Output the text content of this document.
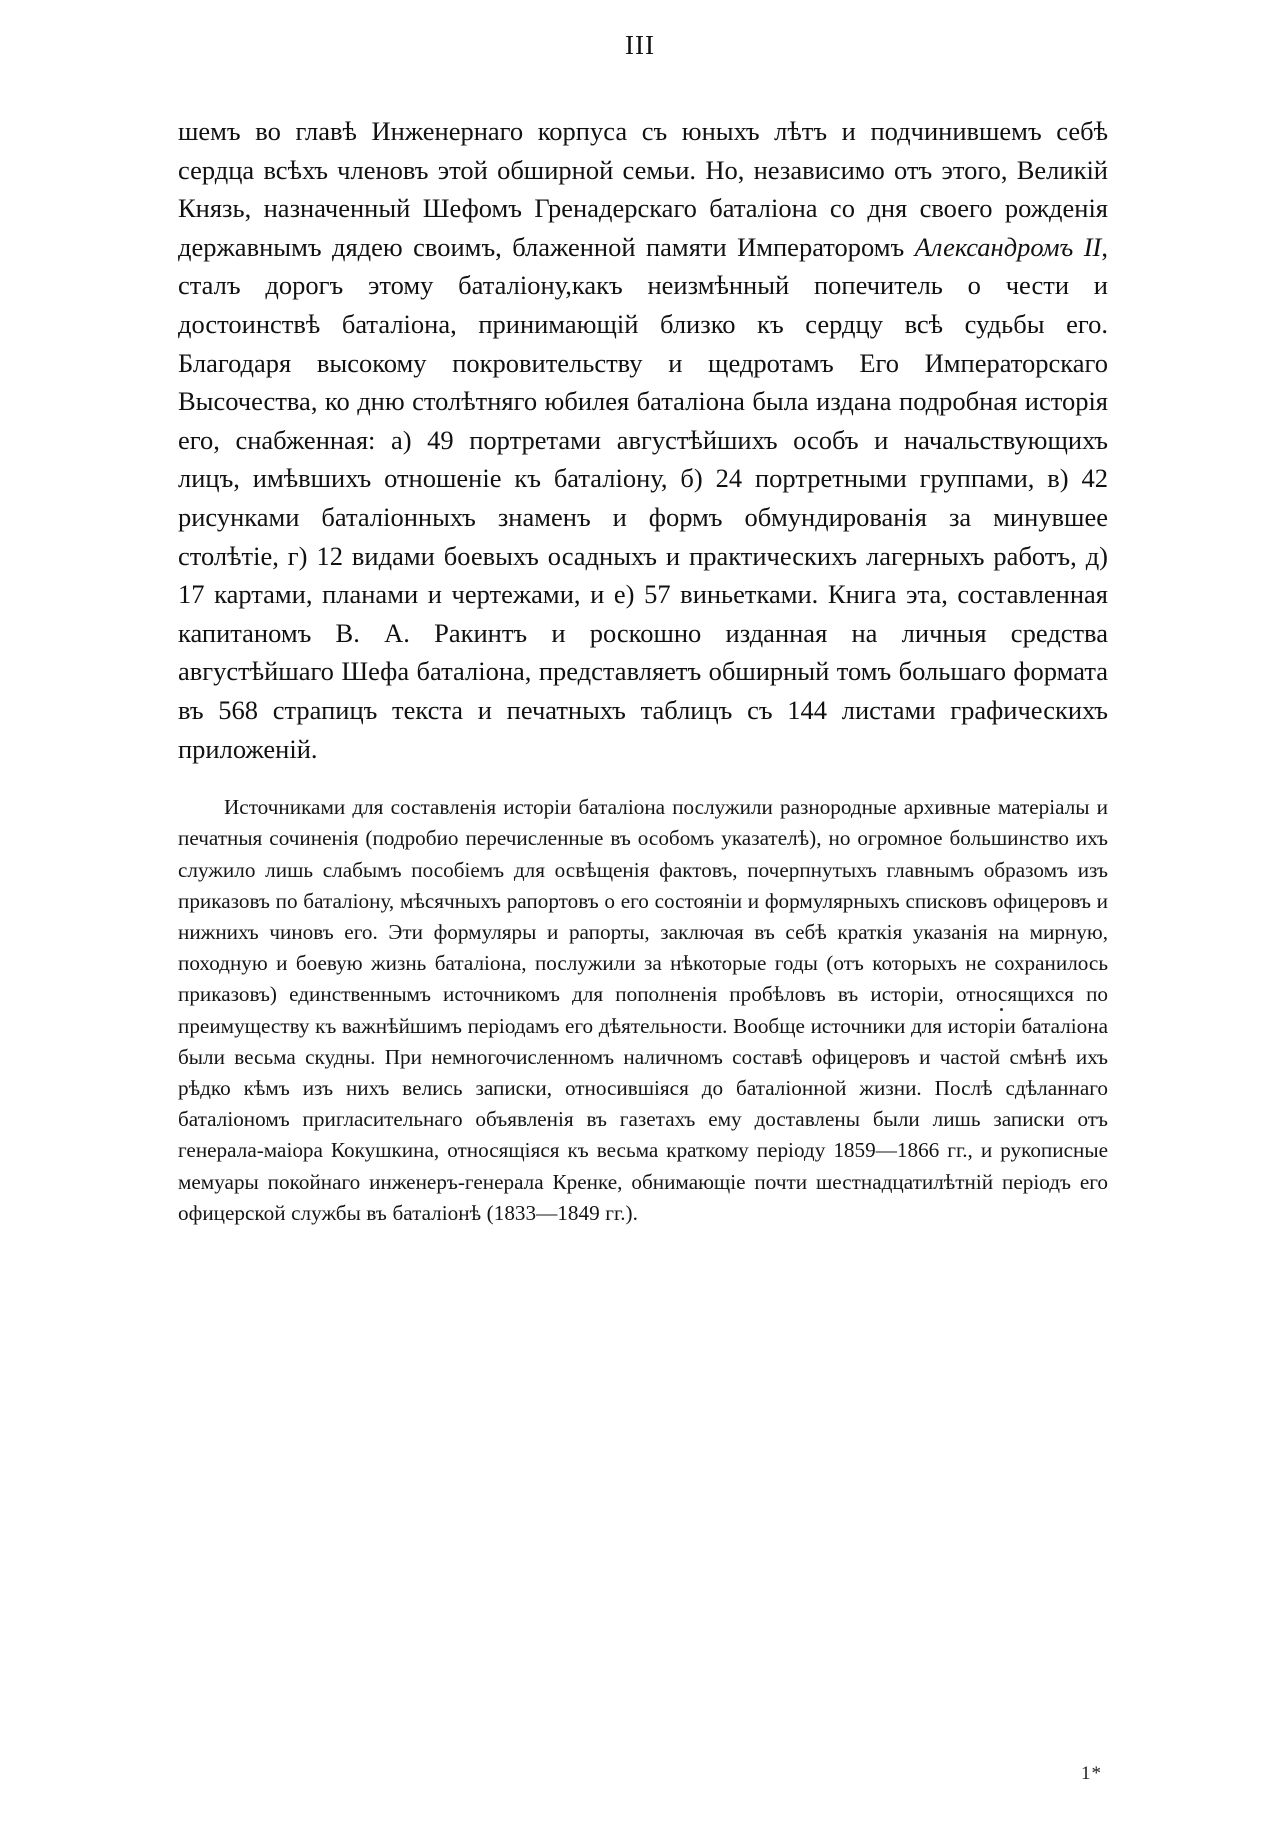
III

шемъ во главѣ Инженернаго корпуса съ юныхъ лѣтъ и подчинившемъ себѣ сердца всѣхъ членовъ этой обширной семьи. Но, независимо отъ этого, Великiй Князь, назначенный Шефомъ Гренадерскаго баталiона со дня своего рожденiя державнымъ дядею своимъ, блаженной памяти Императоромъ Александромъ II, сталъ дорогъ этому баталiону,какъ неизмѣнный попечитель о чести и достоинствѣ баталiона, принимающiй близко къ сердцу всѣ судьбы его. Благодаря высокому покровительству и щедротамъ Его Императорскаго Высочества, ко дню столѣтняго юбилея баталiона была издана подробная исторiя его, снабженная: а) 49 портретами августѣйшихъ особъ и начальствующихъ лицъ, имѣвшихъ отношенiе къ баталiону, б) 24 портретными группами, в) 42 рисунками баталiонныхъ знаменъ и формъ обмундированiя за минувшее столѣтiе, г) 12 видами боевыхъ осадныхъ и практическихъ лагерныхъ работъ, д) 17 картами, планами и чертежами, и е) 57 виньетками. Книга эта, составленная капитаномъ В. А. Ракинтъ и роскошно изданная на личныя средства августѣйшаго Шефа баталiона, представляетъ обширный томъ большаго формата въ 568 страпицъ текста и печатныхъ таблицъ съ 144 листами графическихъ приложенiй.

Источниками для составленiя исторiи баталiона послужили разнородные архивные матерiалы и печатныя сочиненiя (подробио перечисленные въ особомъ указателѣ), но огромное большинство ихъ служило лишь слабымъ пособiемъ для освѣщенiя фактовъ, почерпнутыхъ главнымъ образомъ изъ приказовъ по баталiону, мѣсячныхъ рапортовъ о его состоянiи и формулярныхъ списковъ офицеровъ и нижнихъ чиновъ его. Эти формуляры и рапорты, заключая въ себѣ краткiя указанiя на мирную, походную и боевую жизнь баталiона, послужили за нѣкоторые годы (отъ которыхъ не сохранилось приказовъ) единственнымъ источникомъ для пополненiя пробѣловъ въ исторiи, относящихся по преимуществу къ важнѣйшимъ перiодамъ его дѣятельности. Вообще источники для исторiи баталiона были весьма скудны. При немногочисленномъ наличномъ составѣ офицеровъ и частой смѣнѣ ихъ рѣдко кѣмъ изъ нихъ велись записки, относившiяся до баталiонной жизни. Послѣ сдѣланнаго баталiономъ пригласительнаго объявленiя въ газетахъ ему доставлены были лишь записки отъ генерала-маiора Кокушкина, относящiяся къ весьма краткому перiоду 1859—1866 гг., и рукописные мемуары покойнаго инженеръ-генерала Кренке, обнимающiе почти шестнадцатилѣтнiй перiодъ его офицерской службы въ баталiонѣ (1833—1849 гг.).

1*
